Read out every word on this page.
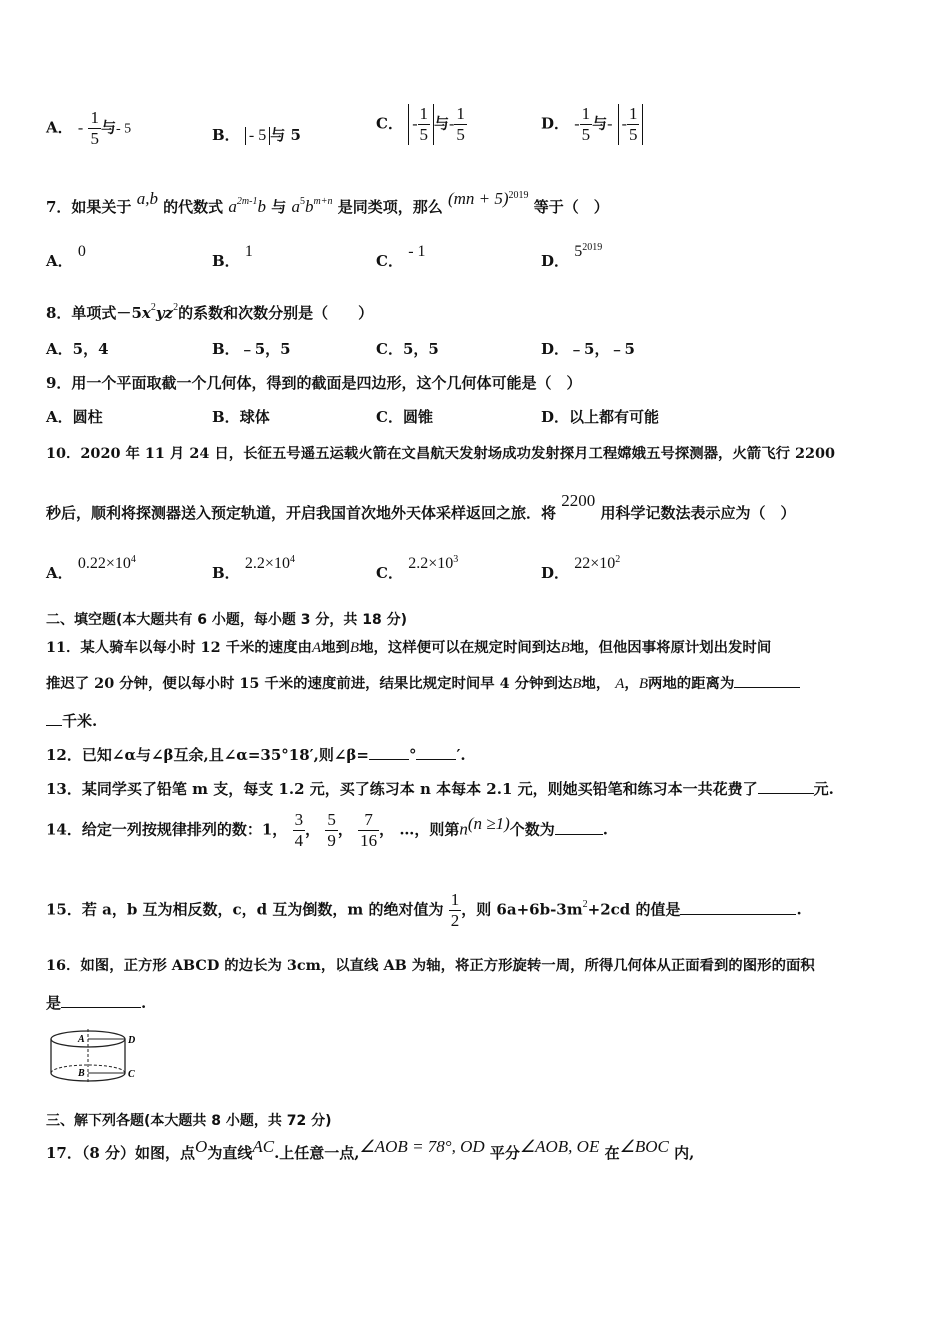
A． - $\frac{1}{5}$ 与- 5	B． - 5 与 5
C． - $\frac{1}{5}$ 与- $\frac{1}{5}$	D． - $\frac{1}{5}$ 与- - $\frac{1}{5}$
7．如果关于 a,b 的代数式 $a^{2m-1}b$ 与 $a^5b^{m+n}$ 是同类项，那么 (mn + 5)$^{2019}$ 等于（　）
A． 0
B． 1
C． - 1
D． $5^{2019}$
8．单项式$-5x^2yz^2$的系数和次数分别是（　　）
A．5，4	B．﹣5，5	C．5，5	D．﹣5，﹣5
9．用一个平面取截一个几何体，得到的截面是四边形，这个几何体可能是（　）
A．圆柱	B．球体	C．圆锥	D．以上都有可能
10．2020 年 11 月 24 日，长征五号遥五运载火箭在文昌航天发射场成功发射探月工程嫦娥五号探测器，火箭飞行 2200
秒后，顺利将探测器送入预定轨道，开启我国首次地外天体采样返回之旅．将 2200 用科学记数法表示应为（　）
A． $0.22\times 10^4$
B． $2.2\times 10^4$
C． $2.2\times 10^3$
D． $22\times 10^2$
二、填空题(本大题共有 6 小题，每小题 3 分，共 18 分)
11．某人骑车以每小时 12 千米的速度由A地到B地，这样便可以在规定时间到达B地，但他因事将原计划出发时间
推迟了 20 分钟，便以每小时 15 千米的速度前进，结果比规定时间早 4 分钟到达B地， A，B两地的距离为
千米.
12．已知∠α与∠β互余,且∠α=35°18′,则∠β=	°	′.
13．某同学买了铅笔 m 支，每支 1.2 元，买了练习本 n 本每本 2.1 元，则她买铅笔和练习本一共花费了	元.
14．给定一列按规律排列的数：1， $\frac{3}{4}$ ， $\frac{5}{9}$ ， $\frac{7}{16}$ ， …，则第n(n ≥1)个数为	.
15．若 a，b 互为相反数，c，d 互为倒数，m 的绝对值为 $\frac{1}{2}$ ，则 $6a+6b-3m^2+2cd$ 的值是	.
16．如图，正方形 ABCD 的边长为 3cm，以直线 AB 为轴，将正方形旋转一周，所得几何体从正面看到的图形的面积
是	.
A
B
D
C
三、解下列各题(本大题共 8 小题，共 72 分)
17．（8 分）如图，点O为直线AC.上任意一点,∠AOB = 78°, OD 平分∠AOB, OE 在∠BOC 内,
